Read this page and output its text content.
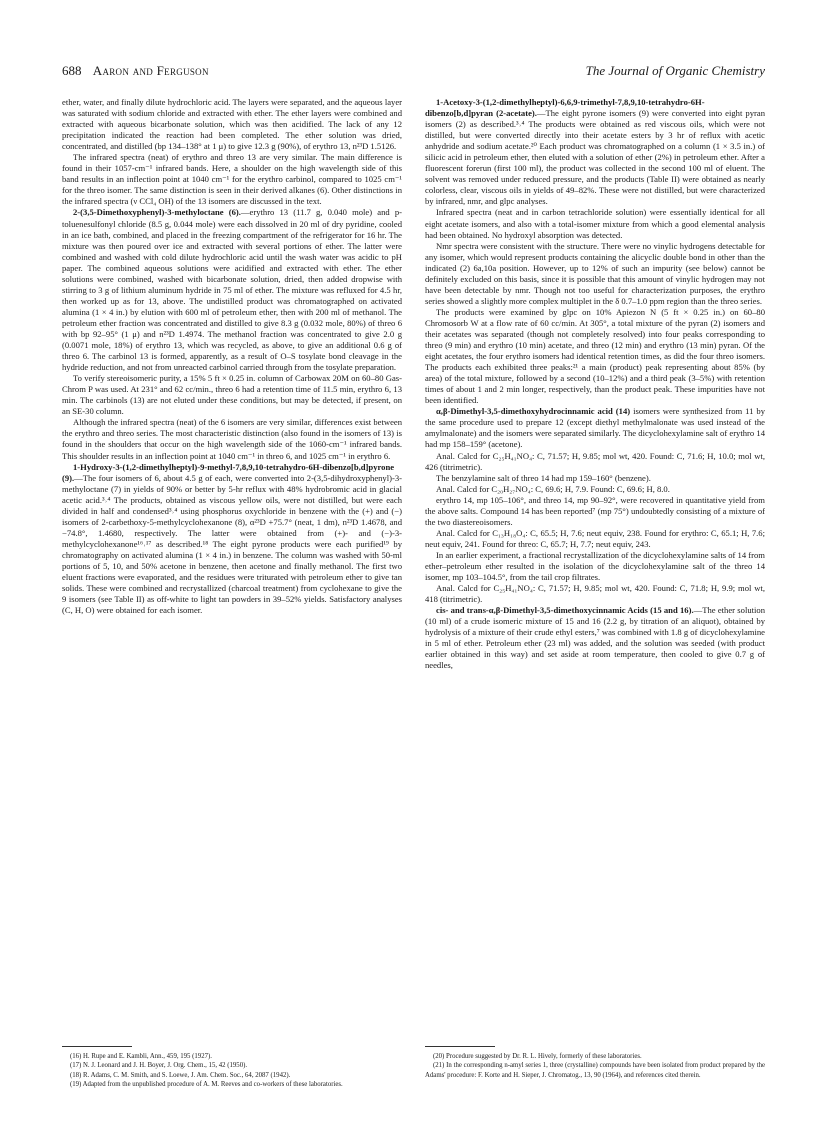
688 Aaron and Ferguson	The Journal of Organic Chemistry

ether, water, and finally dilute hydrochloric acid. The layers were separated, and the aqueous layer was saturated with sodium chloride and extracted with ether. The ether layers were combined and extracted with aqueous bicarbonate solution, which was then acidified. The lack of any 12 precipitation indicated the reaction had been completed. The ether solution was dried, concentrated, and distilled (bp 134–138° at 1 μ) to give 12.3 g (90%), of erythro 13, n²³D 1.5126.

The infrared spectra (neat) of erythro and threo 13 are very similar. The main difference is found in their 1057-cm⁻¹ infrared bands. Here, a shoulder on the high wavelength side of this band results in an inflection point at 1040 cm⁻¹ for the erythro carbinol, compared to 1025 cm⁻¹ for the threo isomer. The same distinction is seen in their derived alkanes (6). Other distinctions in the infrared spectra (ν CCl₄ OH) of the 13 isomers are discussed in the text.

2-(3,5-Dimethoxyphenyl)-3-methyloctane (6).—erythro 13 (11.7 g, 0.040 mole) and p-toluenesulfonyl chloride (8.5 g, 0.044 mole) were each dissolved in 20 ml of dry pyridine, cooled in an ice bath, combined, and placed in the freezing compartment of the refrigerator for 16 hr. The mixture was then poured over ice and extracted with several portions of ether. The latter were combined and washed with cold dilute hydrochloric acid until the wash water was acidic to pH paper. The combined aqueous solutions were acidified and extracted with ether. The ether solutions were combined, washed with bicarbonate solution, dried, then added dropwise with stirring to 3 g of lithium aluminum hydride in 75 ml of ether. The mixture was refluxed for 4.5 hr, then worked up as for 13, above. The undistilled product was chromatographed on activated alumina (1 × 4 in.) by elution with 600 ml of petroleum ether, then with 200 ml of methanol. The petroleum ether fraction was concentrated and distilled to give 8.3 g (0.032 mole, 80%) of threo 6 with bp 92–95° (1 μ) and n²³D 1.4974. The methanol fraction was concentrated to give 2.0 g (0.0071 mole, 18%) of erythro 13, which was recycled, as above, to give an additional 0.6 g of threo 6. The carbinol 13 is formed, apparently, as a result of O–S tosylate bond cleavage in the hydride reduction, and not from unreacted carbinol carried through from the tosylate preparation.

To verify stereoisomeric purity, a 15% 5 ft × 0.25 in. column of Carbowax 20M on 60–80 Gas-Chrom P was used. At 231° and 62 cc/min., threo 6 had a retention time of 11.5 min, erythro 6, 13 min. The carbinols (13) are not eluted under these conditions, but may be detected, if present, on an SE-30 column.

Although the infrared spectra (neat) of the 6 isomers are very similar, differences exist between the erythro and threo series. The most characteristic distinction (also found in the isomers of 13) is found in the shoulders that occur on the high wavelength side of the 1060-cm⁻¹ infrared bands. This shoulder results in an inflection point at 1040 cm⁻¹ in threo 6, and 1025 cm⁻¹ in erythro 6.

1-Hydroxy-3-(1,2-dimethylheptyl)-9-methyl-7,8,9,10-tetrahydro-6H-dibenzo[b,d]pyrone (9).—The four isomers of 6, about 4.5 g of each, were converted into 2-(3,5-dihydroxyphenyl)-3-methyloctane (7) in yields of 90% or better by 5-hr reflux with 48% hydrobromic acid in glacial acetic acid.³˒⁴ The products, obtained as viscous yellow oils, were not distilled, but were each divided in half and condensed³˒⁴ using phosphorus oxychloride in benzene with the (+) and (−) isomers of 2-carbethoxy-5-methylcyclohexanone (8), α²³D +75.7° (neat, 1 dm), n²³D 1.4678, and −74.8°, 1.4680, respectively. The latter were obtained from (+)- and (−)-3-methylcyclohexanone¹⁶˒¹⁷ as described.¹⁸ The eight pyrone products were each purified¹⁹ by chromatography on activated alumina (1 × 4 in.) in benzene. The column was washed with 50-ml portions of 5, 10, and 50% acetone in benzene, then acetone and finally methanol. The first two eluent fractions were evaporated, and the residues were triturated with petroleum ether to give tan solids. These were combined and recrystallized (charcoal treatment) from cyclohexane to give the 9 isomers (see Table II) as off-white to light tan powders in 39–52% yields. Satisfactory analyses (C, H, O) were obtained for each isomer.

1-Acetoxy-3-(1,2-dimethylheptyl)-6,6,9-trimethyl-7,8,9,10-tetrahydro-6H-dibenzo[b,d]pyran (2-acetate).—The eight pyrone isomers (9) were converted into eight pyran isomers (2) as described.³˒⁴ The products were obtained as red viscous oils, which were not distilled, but were converted directly into their acetate esters by 3 hr of reflux with acetic anhydride and sodium acetate.²⁰ Each product was chromatographed on a column (1 × 3.5 in.) of silicic acid in petroleum ether, then eluted with a solution of ether (2%) in petroleum ether. After a fluorescent forerun (first 100 ml), the product was collected in the second 100 ml of eluent. The solvent was removed under reduced pressure, and the products (Table II) were obtained as nearly colorless, clear, viscous oils in yields of 49–82%. These were not distilled, but were characterized by infrared, nmr, and glpc analyses.

Infrared spectra (neat and in carbon tetrachloride solution) were essentially identical for all eight acetate isomers, and also with a total-isomer mixture from which a good elemental analysis had been obtained. No hydroxyl absorption was detected.

Nmr spectra were consistent with the structure. There were no vinylic hydrogens detectable for any isomer, which would represent products containing the alicyclic double bond in other than the indicated (2) 6a,10a position. However, up to 12% of such an impurity (see below) cannot be definitely excluded on this basis, since it is possible that this amount of vinylic hydrogen may not have been detectable by nmr. Though not too useful for characterization purposes, the erythro series showed a slightly more complex multiplet in the δ 0.7–1.0 ppm region than the threo series.

The products were examined by glpc on 10% Apiezon N (5 ft × 0.25 in.) on 60–80 Chromosorb W at a flow rate of 60 cc/min. At 305°, a total mixture of the pyran (2) isomers and their acetates was separated (though not completely resolved) into four peaks corresponding to threo (9 min) and erythro (10 min) acetate, and threo (12 min) and erythro (13 min) pyran. Of the eight acetates, the four erythro isomers had identical retention times, as did the four threo isomers. The products each exhibited three peaks:²¹ a main (product) peak representing about 85% (by area) of the total mixture, followed by a second (10–12%) and a third peak (3–5%) with retention times of about 1 and 2 min longer, respectively, than the product peak. These impurities have not been identified.

α,β-Dimethyl-3,5-dimethoxyhydrocinnamic acid (14) isomers were synthesized from 11 by the same procedure used to prepare 12 (except diethyl methylmalonate was used instead of the amylmalonate) and the isomers were separated similarly. The dicyclohexylamine salt of erythro 14 had mp 158–159° (acetone).

Anal. Calcd for C₂₅H₄₁NO₄: C, 71.57; H, 9.85; mol wt, 420. Found: C, 71.6; H, 10.0; mol wt, 426 (titrimetric).

The benzylamine salt of threo 14 had mp 159–160° (benzene).

Anal. Calcd for C₂₀H₂₇NO₄: C, 69.6; H, 7.9. Found: C, 69.6; H, 8.0.

erythro 14, mp 105–106°, and threo 14, mp 90–92°, were recovered in quantitative yield from the above salts. Compound 14 has been reported⁷ (mp 75°) undoubtedly consisting of a mixture of the two diastereoisomers.

Anal. Calcd for C₁₃H₁₈O₄: C, 65.5; H, 7.6; neut equiv, 238. Found for erythro: C, 65.1; H, 7.6; neut equiv, 241. Found for threo: C, 65.7; H, 7.7; neut equiv, 243.

In an earlier experiment, a fractional recrystallization of the dicyclohexylamine salts of 14 from ether–petroleum ether resulted in the isolation of the dicyclohexylamine salt of the threo 14 isomer, mp 103–104.5°, from the tail crop filtrates.

Anal. Calcd for C₂₅H₄₁NO₄: C, 71.57; H, 9.85; mol wt, 420. Found: C, 71.8; H, 9.9; mol wt, 418 (titrimetric).

cis- and trans-α,β-Dimethyl-3,5-dimethoxycinnamic Acids (15 and 16).—The ether solution (10 ml) of a crude isomeric mixture of 15 and 16 (2.2 g, by titration of an aliquot), obtained by hydrolysis of a mixture of their crude ethyl esters,⁷ was combined with 1.8 g of dicyclohexylamine in 5 ml of ether. Petroleum ether (23 ml) was added, and the solution was seeded (with product earlier obtained in this way) and set aside at room temperature, then cooled to give 0.7 g of needles,

(16) H. Rupe and E. Kambli, Ann., 459, 195 (1927).

(17) N. J. Leonard and J. H. Boyer, J. Org. Chem., 15, 42 (1950).

(18) R. Adams, C. M. Smith, and S. Loewe, J. Am. Chem. Soc., 64, 2087 (1942).

(19) Adapted from the unpublished procedure of A. M. Reeves and co-workers of these laboratories.

(20) Procedure suggested by Dr. R. L. Hively, formerly of these laboratories.

(21) In the corresponding n-amyl series 1, three (crystalline) compounds have been isolated from product prepared by the Adams' procedure: F. Korte and H. Sieper, J. Chromatog., 13, 90 (1964), and references cited therein.
